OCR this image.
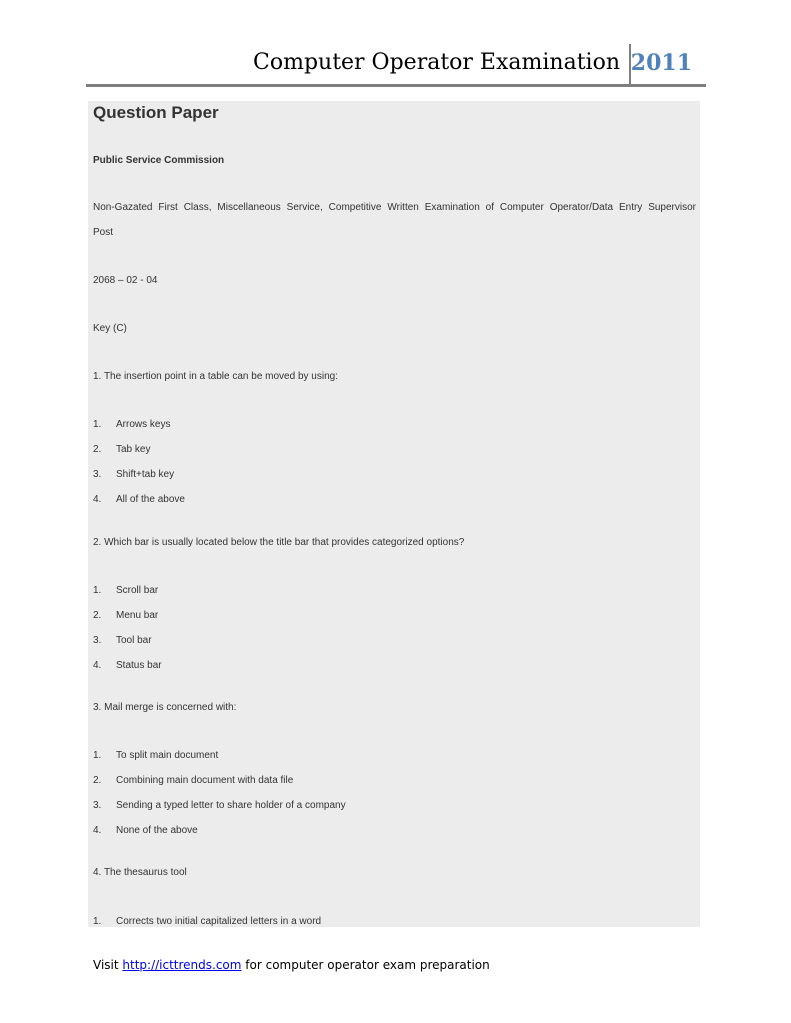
Computer Operator Examination 2011
Question Paper
Public Service Commission
Non-Gazated First Class, Miscellaneous Service, Competitive Written Examination of Computer Operator/Data Entry Supervisor
Post
2068 – 02 - 04
Key (C)
1. The insertion point in a table can be moved by using:
1. Arrows keys
2. Tab key
3. Shift+tab key
4. All of the above
2. Which bar is usually located below the title bar that provides categorized options?
1. Scroll bar
2. Menu bar
3. Tool bar
4. Status bar
3. Mail merge is concerned with:
1. To split main document
2. Combining main document with data file
3. Sending a typed letter to share holder of a company
4. None of the above
4. The thesaurus tool
1. Corrects two initial capitalized letters in a word
Visit http://icttrends.com for computer operator exam preparation
